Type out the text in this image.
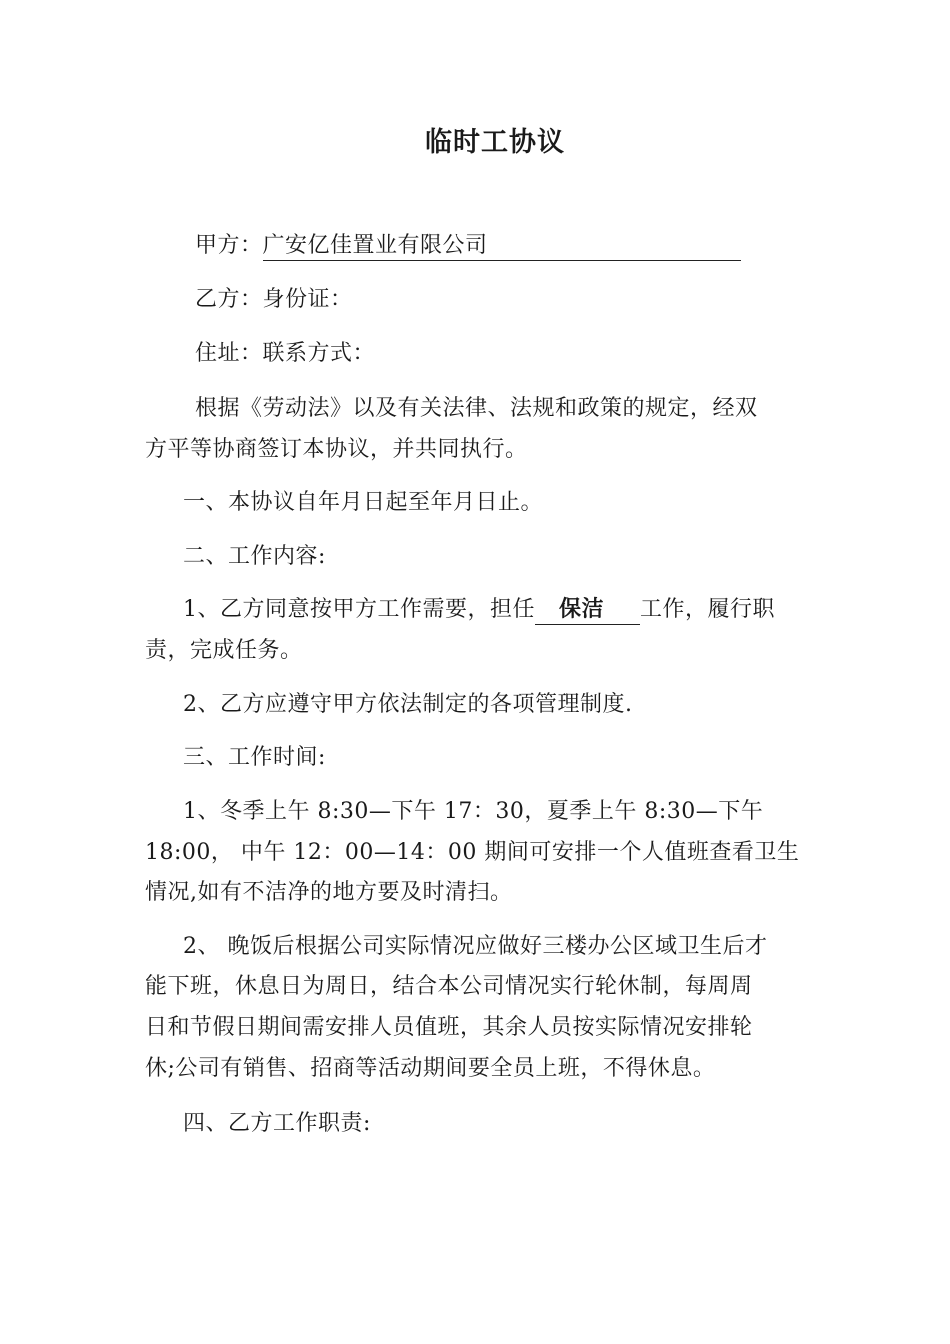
临时工协议
甲方：广安亿佳置业有限公司
乙方：身份证：
住址：联系方式：
根据《劳动法》以及有关法律、法规和政策的规定，经双
方平等协商签订本协议，并共同执行。
一、本协议自年月日起至年月日止。
二、工作内容:
1、乙方同意按甲方工作需要，担任 保洁 工作，履行职
责，完成任务。
2、乙方应遵守甲方依法制定的各项管理制度.
三、工作时间:
1、冬季上午 8:30—下午 17：30，夏季上午 8:30—下午
18:00， 中午 12：00—14：00 期间可安排一个人值班查看卫生
情况,如有不洁净的地方要及时清扫。
2、 晚饭后根据公司实际情况应做好三楼办公区域卫生后才
能下班，休息日为周日，结合本公司情况实行轮休制，每周周
日和节假日期间需安排人员值班，其余人员按实际情况安排轮
休;公司有销售、招商等活动期间要全员上班，不得休息。
四、乙方工作职责:
